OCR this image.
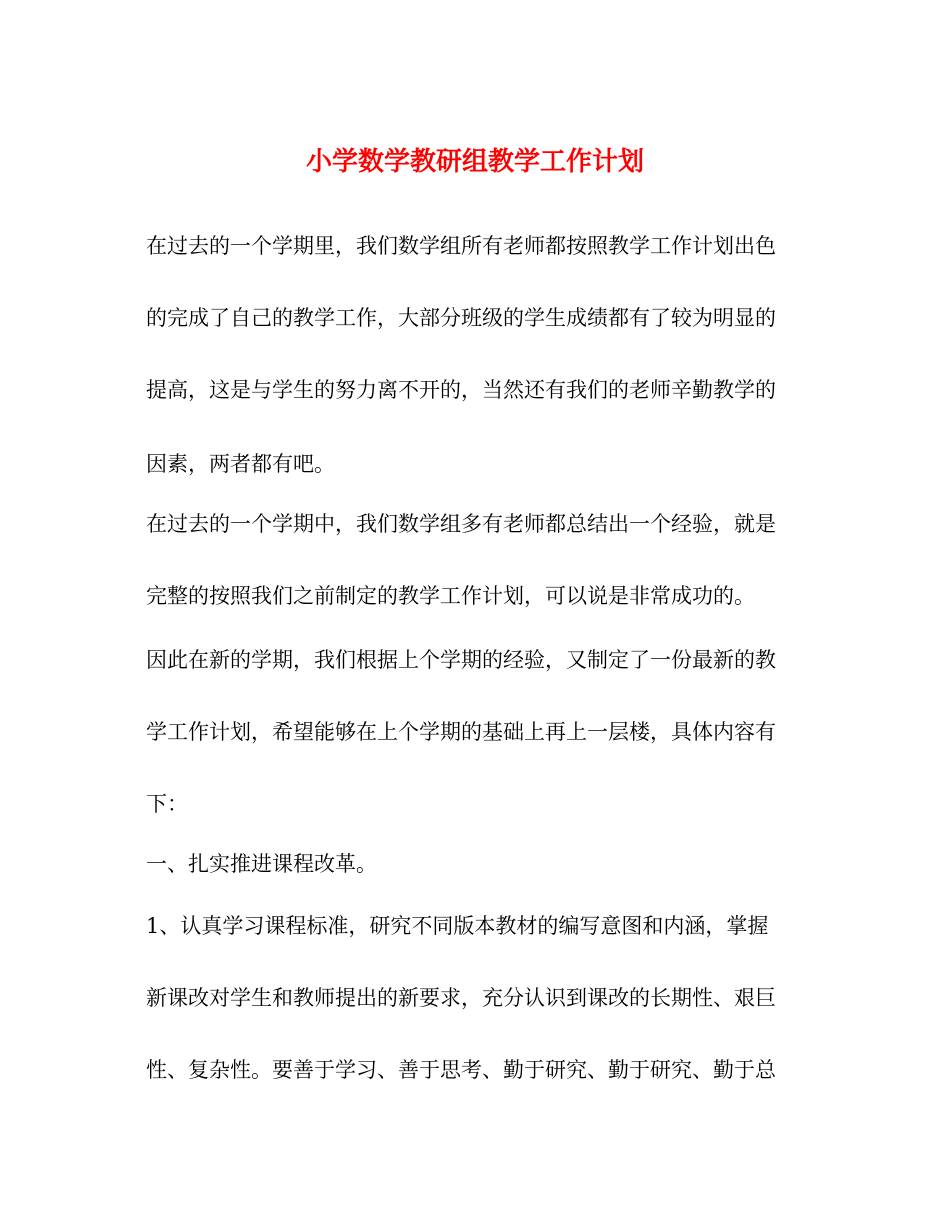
小学数学教研组教学工作计划
在过去的一个学期里，我们数学组所有老师都按照教学工作计划出色
的完成了自己的教学工作，大部分班级的学生成绩都有了较为明显的
提高，这是与学生的努力离不开的，当然还有我们的老师辛勤教学的
因素，两者都有吧。
在过去的一个学期中，我们数学组多有老师都总结出一个经验，就是
完整的按照我们之前制定的教学工作计划，可以说是非常成功的。
因此在新的学期，我们根据上个学期的经验，又制定了一份最新的教
学工作计划，希望能够在上个学期的基础上再上一层楼，具体内容有
下：
一、扎实推进课程改革。
1、认真学习课程标准，研究不同版本教材的编写意图和内涵，掌握
新课改对学生和教师提出的新要求，充分认识到课改的长期性、艰巨
性、复杂性。要善于学习、善于思考、勤于研究、勤于研究、勤于总
